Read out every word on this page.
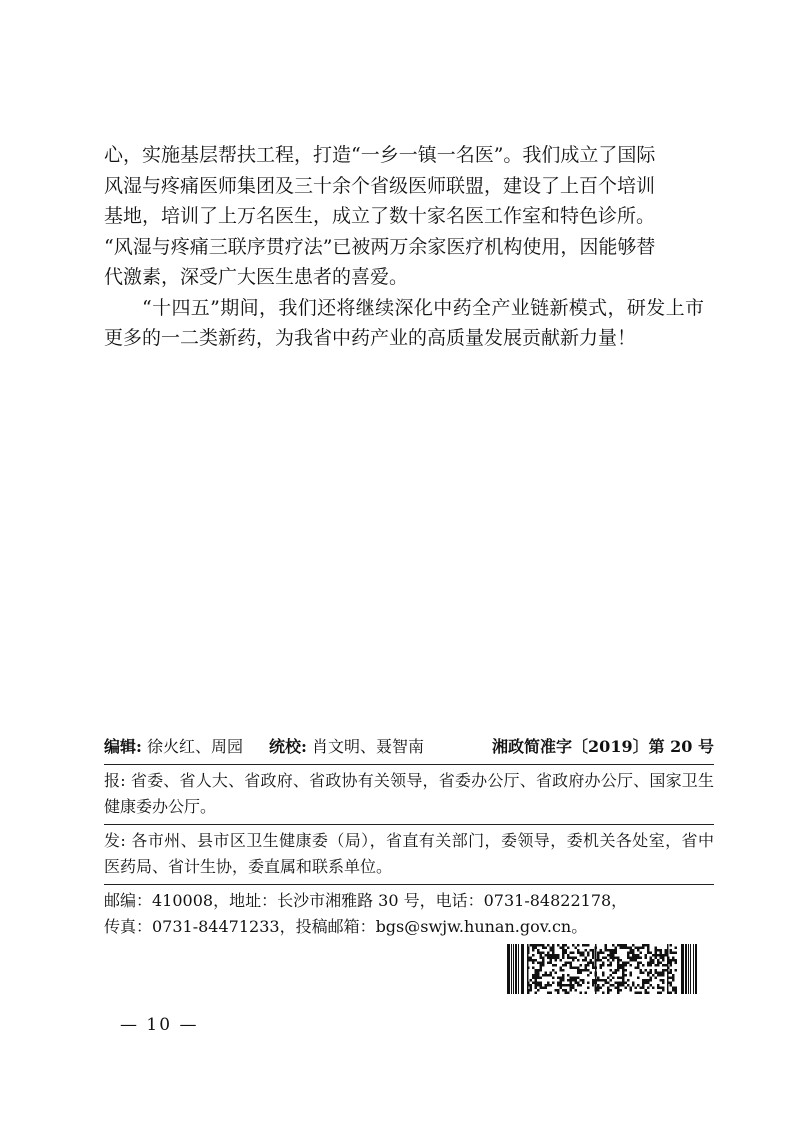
心，实施基层帮扶工程，打造“一乡一镇一名医”。我们成立了国际
风湿与疼痛医师集团及三十余个省级医师联盟，建设了上百个培训
基地，培训了上万名医生，成立了数十家名医工作室和特色诊所。
“风湿与疼痛三联序贯疗法”已被两万余家医疗机构使用，因能够替
代激素，深受广大医生患者的喜爱。

“十四五”期间，我们还将继续深化中药全产业链新模式，研发上市更多的一二类新药，为我省中药产业的高质量发展贡献新力量！

编辑:
徐火红、周园 统校:
肖文明、聂智南	湘政简准字〔2019〕第 20 号
报: 省委、省人大、省政府、省政协有关领导，省委办公厅、省政府办公厅、国家卫生健康委办公厅。
发: 各市州、县市区卫生健康委（局），省直有关部门，委领导，委机关各处室，省中医药局、省计生协，委直属和联系单位。
邮编：410008，地址：长沙市湘雅路 30 号，电话：0731-84822178，
传真：0731-84471233，投稿邮箱：bgs@swjw.hunan.gov.cn。
— 10 —
